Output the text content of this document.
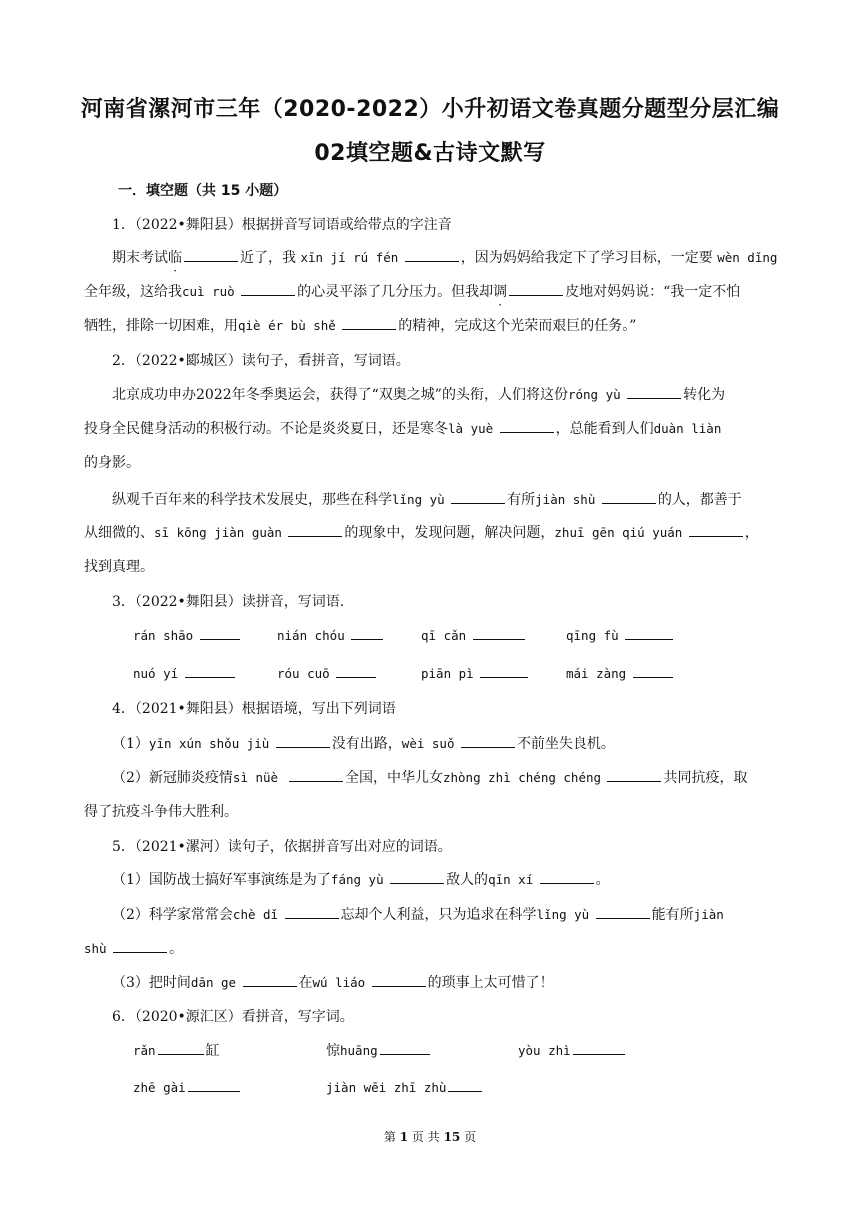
河南省漯河市三年（2020-2022）小升初语文卷真题分题型分层汇编
02填空题&古诗文默写
一．填空题（共 15 小题）
1．（2022•舞阳县）根据拼音写词语或给带点的字注音
期末考试临	近了，我 xīn jí rú fén	，因为妈妈给我定下了学习目标，一定要 wèn dǐng
全年级，这给我cuì ruò	的心灵平添了几分压力。但我却调	皮地对妈妈说：“我一定不怕
牺牲，排除一切困难，用qiè ér bù shě	的精神，完成这个光荣而艰巨的任务。”
2．（2022•郾城区）读句子，看拼音，写词语。
北京成功申办2022年冬季奥运会，获得了“双奥之城”的头衔，人们将这份róng yù	转化为
投身全民健身活动的积极行动。不论是炎炎夏日，还是寒冬là yuè	，总能看到人们duàn liàn
的身影。
纵观千百年来的科学技术发展史，那些在科学lǐng yù	有所jiàn shù	的人，都善于
从细微的、sī kōng jiàn guàn	的现象中，发现问题，解决问题，zhuī gēn qiú yuán	，
找到真理。
3．（2022•舞阳县）读拼音，写词语.
rán shāo	nián chóu	qī cǎn	qīng fù
nuó yí	róu cuō	piān pì	mái zàng
4．（2021•舞阳县）根据语境，写出下列词语
（1）yīn xún shǒu jiù	没有出路，wèi suǒ	不前坐失良机。
（2）新冠肺炎疫情sì nüè	全国，中华儿女zhòng zhì chéng chéng	共同抗疫，取
得了抗疫斗争伟大胜利。
5．（2021•漯河）读句子，依据拼音写出对应的词语。
（1）国防战士搞好军事演练是为了fáng yù	敌人的qīn xí	。
（2）科学家常常会chè dǐ	忘却个人利益，只为追求在科学lǐng yù	能有所jiàn
shù	。
（3）把时间dān ge	在wú liáo	的琐事上太可惜了！
6．（2020•源汇区）看拼音，写字词。
rǎn	缸	惊huāng	yòu zhì
zhē gài	jiàn wēi zhī zhù
第 1 页 共 15 页
